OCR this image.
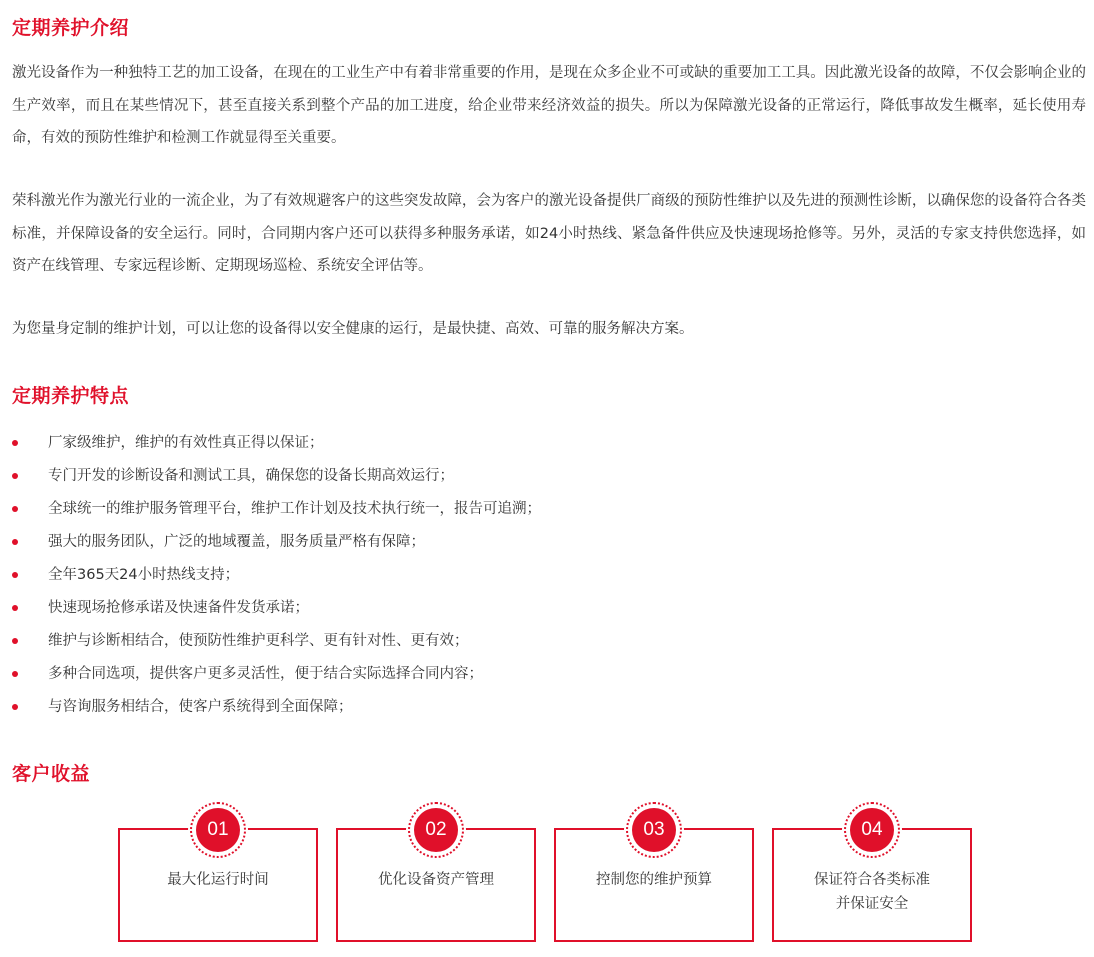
定期养护介绍

激光设备作为一种独特工艺的加工设备，在现在的工业生产中有着非常重要的作用，是现在众多企业不可或缺的重要加工工具。因此激光设备的故障，不仅会影响企业的生产效率，而且在某些情况下，甚至直接关系到整个产品的加工进度，给企业带来经济效益的损失。所以为保障激光设备的正常运行，降低事故发生概率，延长使用寿命，有效的预防性维护和检测工作就显得至关重要。

荣科激光作为激光行业的一流企业，为了有效规避客户的这些突发故障，会为客户的激光设备提供厂商级的预防性维护以及先进的预测性诊断，以确保您的设备符合各类标准，并保障设备的安全运行。同时，合同期内客户还可以获得多种服务承诺，如24小时热线、紧急备件供应及快速现场抢修等。另外，灵活的专家支持供您选择，如资产在线管理、专家远程诊断、定期现场巡检、系统安全评估等。

为您量身定制的维护计划，可以让您的设备得以安全健康的运行，是最快捷、高效、可靠的服务解决方案。

定期养护特点
厂家级维护，维护的有效性真正得以保证；
专门开发的诊断设备和测试工具，确保您的设备长期高效运行；
全球统一的维护服务管理平台，维护工作计划及技术执行统一，报告可追溯；
强大的服务团队，广泛的地域覆盖，服务质量严格有保障；
全年365天24小时热线支持；
快速现场抢修承诺及快速备件发货承诺；
维护与诊断相结合，使预防性维护更科学、更有针对性、更有效；
多种合同选项，提供客户更多灵活性，便于结合实际选择合同内容；
与咨询服务相结合，使客户系统得到全面保障；
客户收益
01
最大化运行时间
02
优化设备资产管理
03
控制您的维护预算
04
保证符合各类标准
并保证安全
